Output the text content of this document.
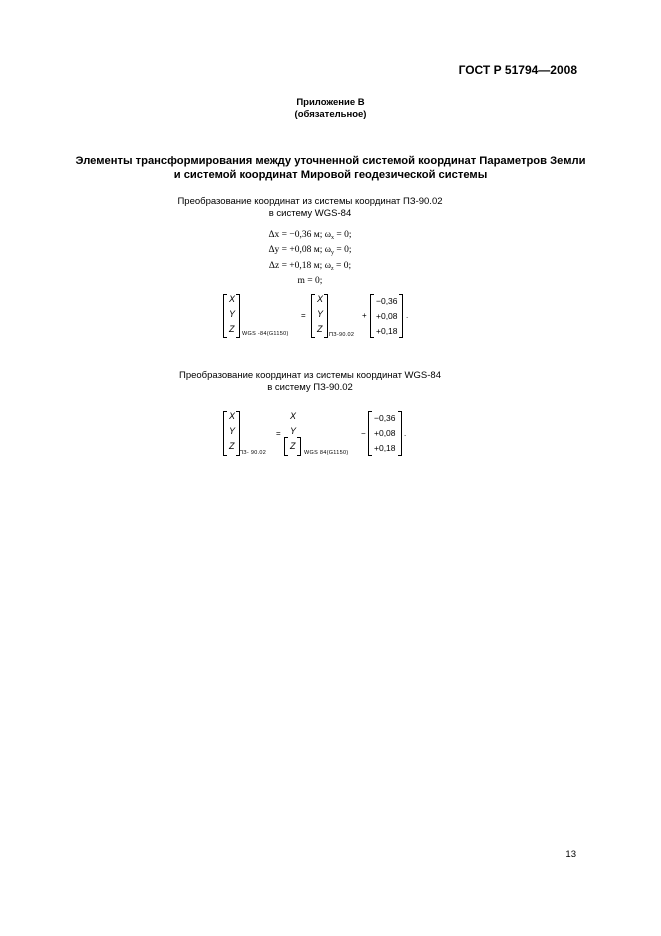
ГОСТ Р 51794—2008
Приложение В
(обязательное)
Элементы трансформирования между уточненной системой координат Параметров Земли
и системой координат Мировой геодезической системы
Преобразование координат из системы координат ПЗ-90.02
в систему WGS-84
Δx = −0,36 м; $\omega_x = 0$;
Δy = +0,08 м; $\omega_y = 0$;
Δz = +0,18 м; $\omega_z = 0$;
m = 0;
X
Y
Z WGS -84(G1150)
=
X
Y
Z
ПЗ-90.02
+
−0,36
+0,08
+0,18
.
Преобразование координат из системы координат WGS-84
в систему ПЗ-90.02
X
Y
Z
ПЗ- 90.02
=
X
Y
Z
WGS 84(G1150)
−
−0,36
+0,08
+0,18
.
13
